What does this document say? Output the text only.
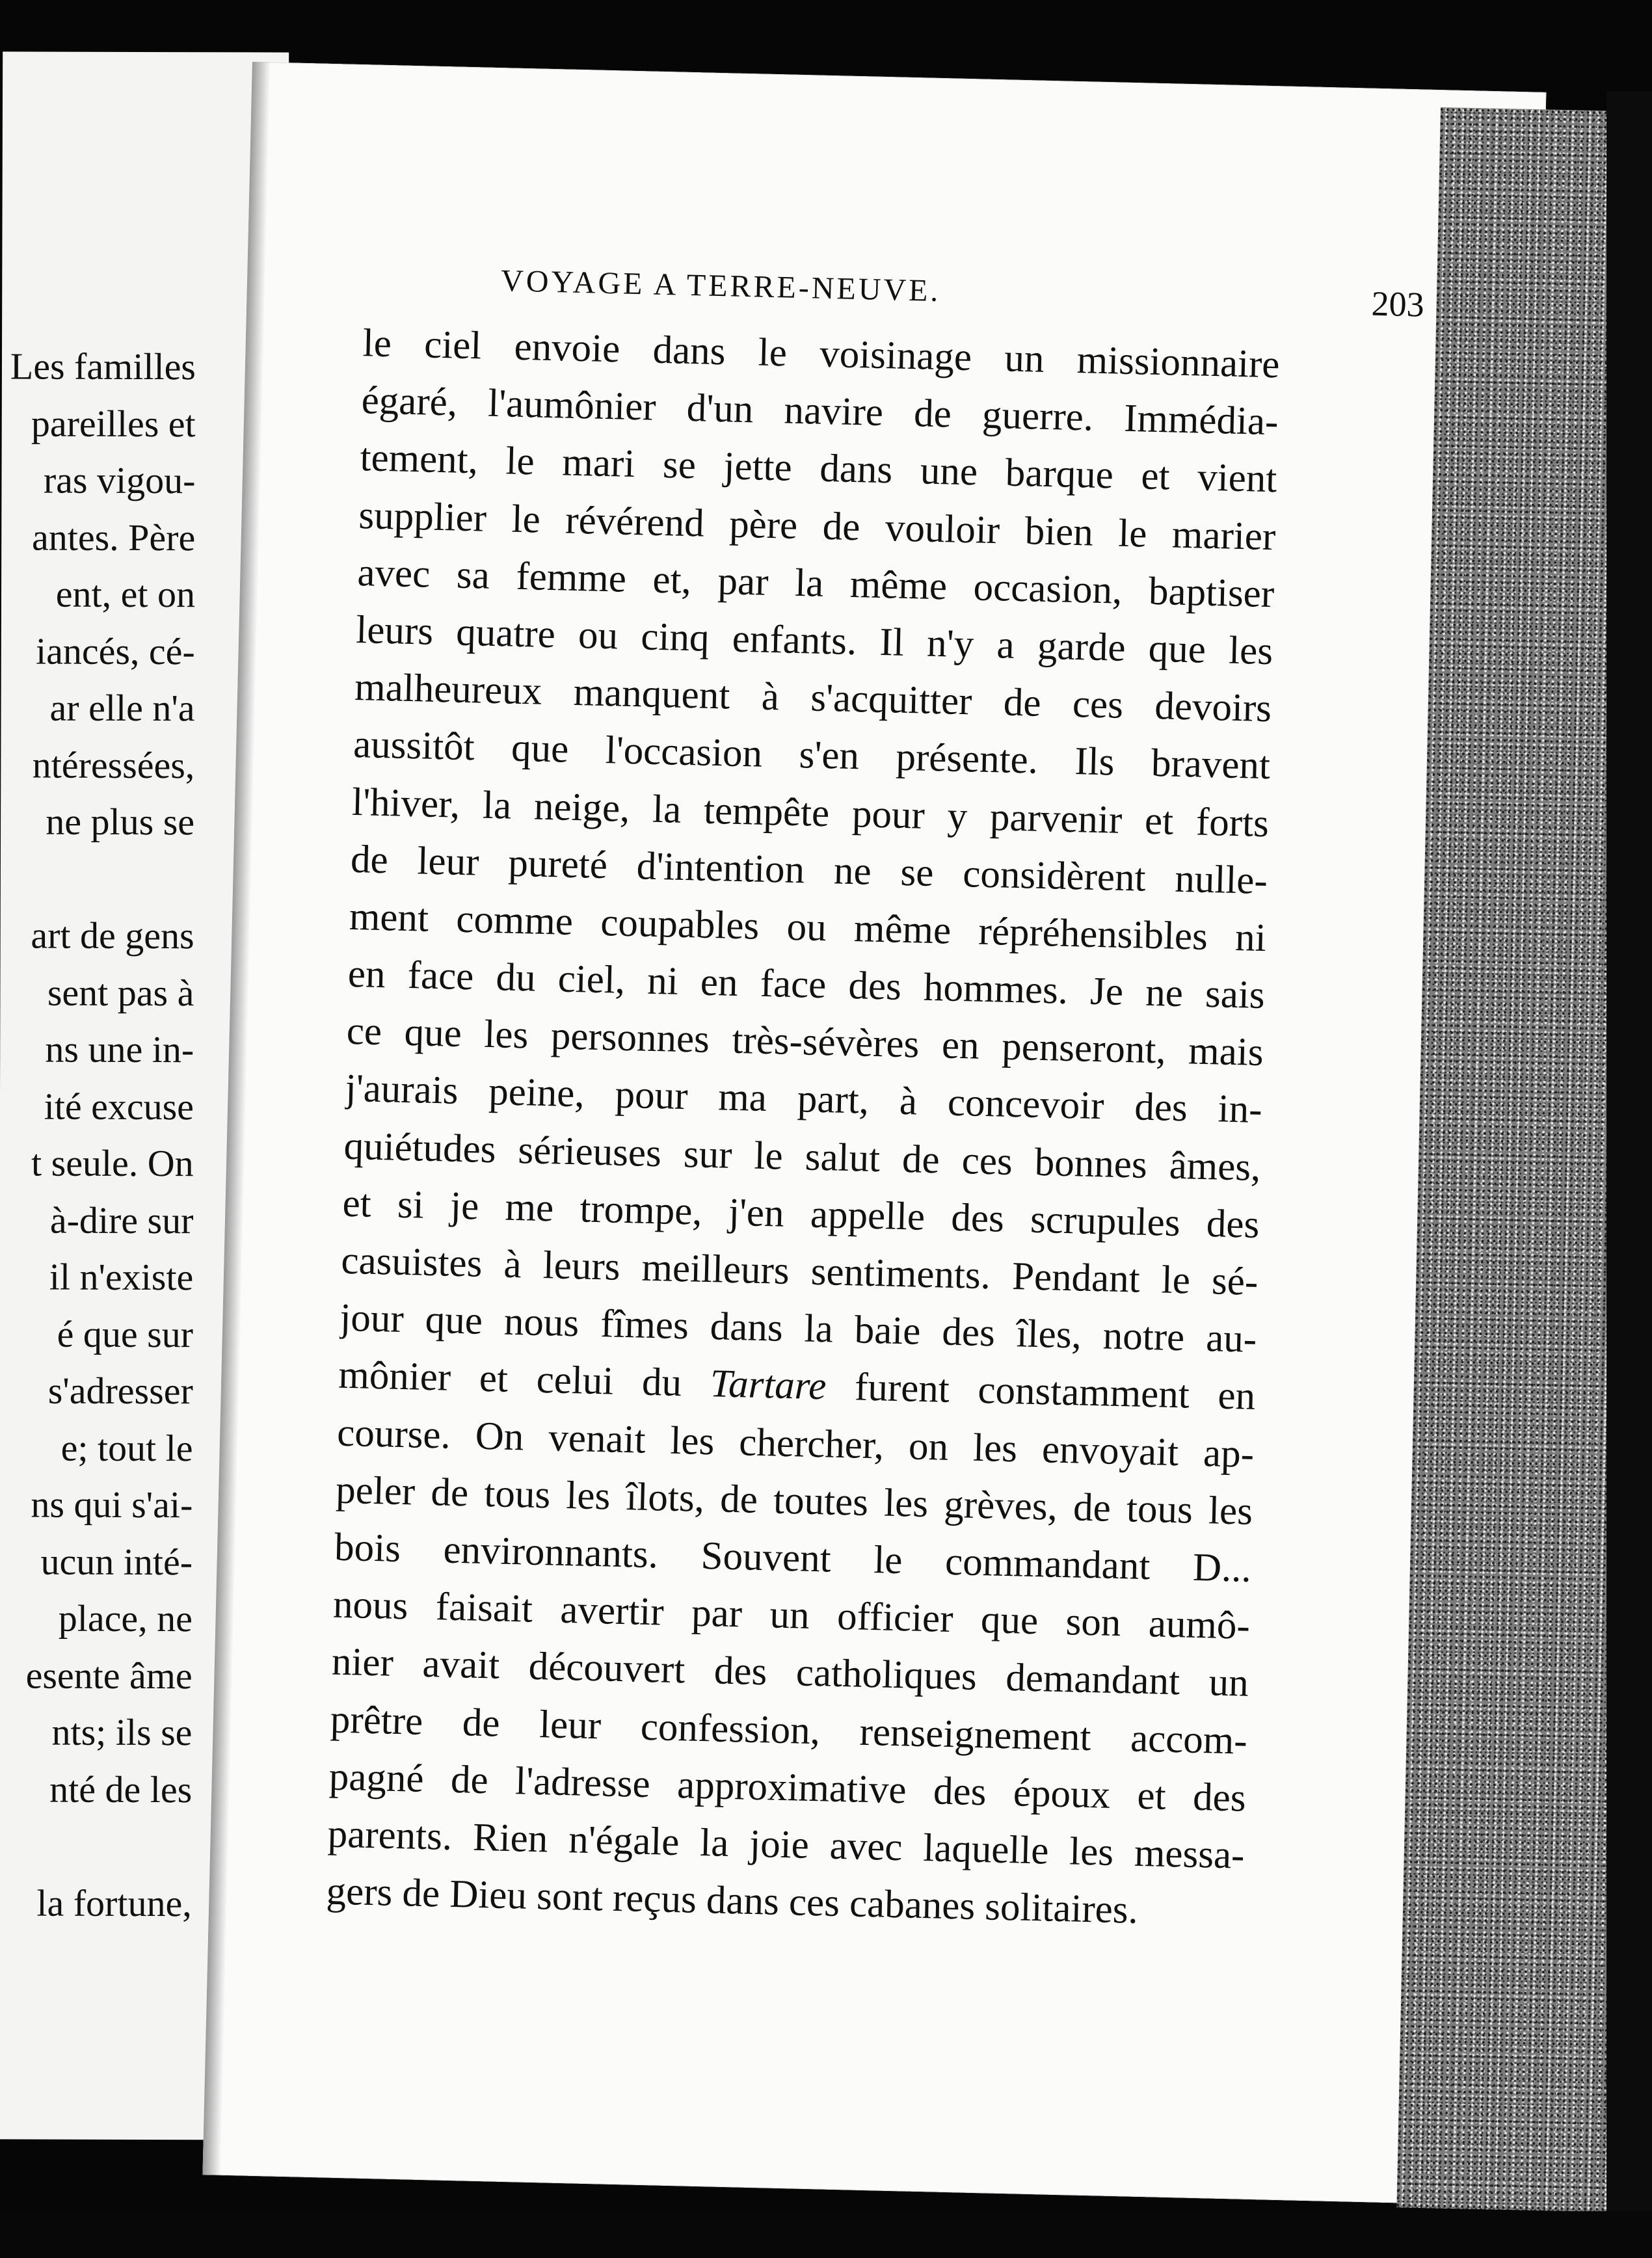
Les familles
pareilles et
ras vigou-
antes. Père
ent, et on
iancés, cé-
ar elle n'a
ntéressées,
ne plus se
art de gens
sent pas à
ns une in-
ité excuse
t seule. On
à-dire sur
il n'existe
é que sur
s'adresser
e; tout le
ns qui s'ai-
ucun inté-
place, ne
esente âme
nts; ils se
nté de les
la fortune,
VOYAGE A TERRE-NEUVE.	203
le ciel envoie dans le voisinage un missionnaire
égaré, l'aumônier d'un navire de guerre. Immédia-
tement, le mari se jette dans une barque et vient
supplier le révérend père de vouloir bien le marier
avec sa femme et, par la même occasion, baptiser
leurs quatre ou cinq enfants. Il n'y a garde que les
malheureux manquent à s'acquitter de ces devoirs
aussitôt que l'occasion s'en présente. Ils bravent
l'hiver, la neige, la tempête pour y parvenir et forts
de leur pureté d'intention ne se considèrent nulle-
ment comme coupables ou même répréhensibles ni
en face du ciel, ni en face des hommes. Je ne sais
ce que les personnes très-sévères en penseront, mais
j'aurais peine, pour ma part, à concevoir des in-
quiétudes sérieuses sur le salut de ces bonnes âmes,
et si je me trompe, j'en appelle des scrupules des
casuistes à leurs meilleurs sentiments. Pendant le sé-
jour que nous fîmes dans la baie des îles, notre au-
mônier et celui du Tartare furent constamment en
course. On venait les chercher, on les envoyait ap-
peler de tous les îlots, de toutes les grèves, de tous les
bois environnants. Souvent le commandant D...
nous faisait avertir par un officier que son aumô-
nier avait découvert des catholiques demandant un
prêtre de leur confession, renseignement accom-
pagné de l'adresse approximative des époux et des
parents. Rien n'égale la joie avec laquelle les messa-
gers de Dieu sont reçus dans ces cabanes solitaires.
